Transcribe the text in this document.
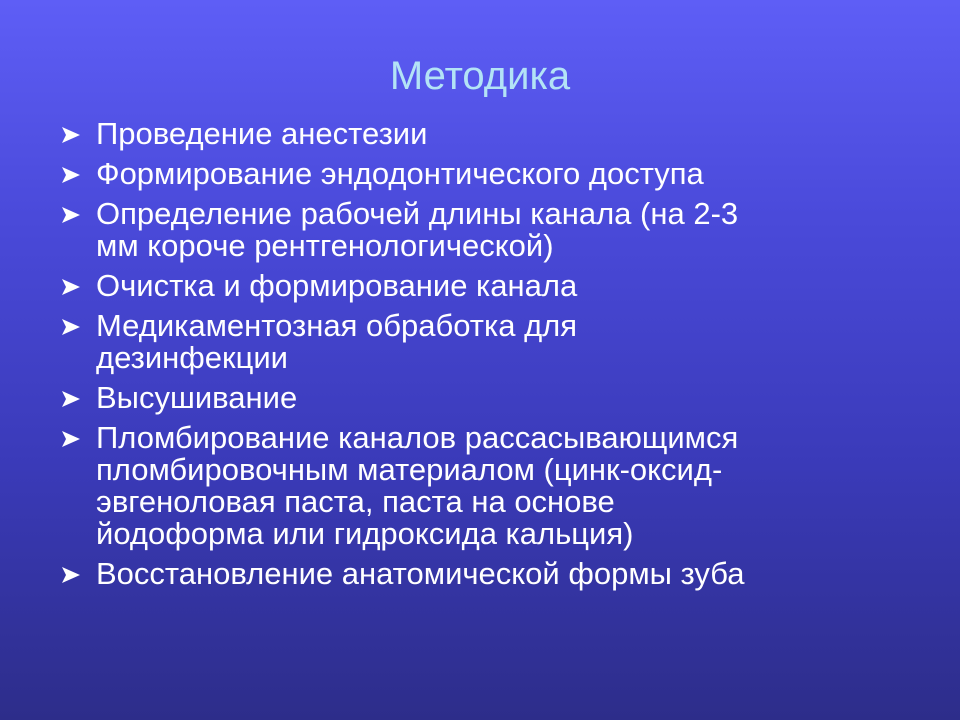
Методика
Проведение анестезии
Формирование эндодонтического доступа
Определение рабочей длины канала (на 2-3
мм короче рентгенологической)
Очистка и формирование канала
Медикаментозная обработка для
дезинфекции
Высушивание
Пломбирование каналов рассасывающимся
пломбировочным материалом (цинк-оксид-
эвгеноловая паста, паста на основе
йодоформа или гидроксида кальция)
Восстановление анатомической формы зуба
